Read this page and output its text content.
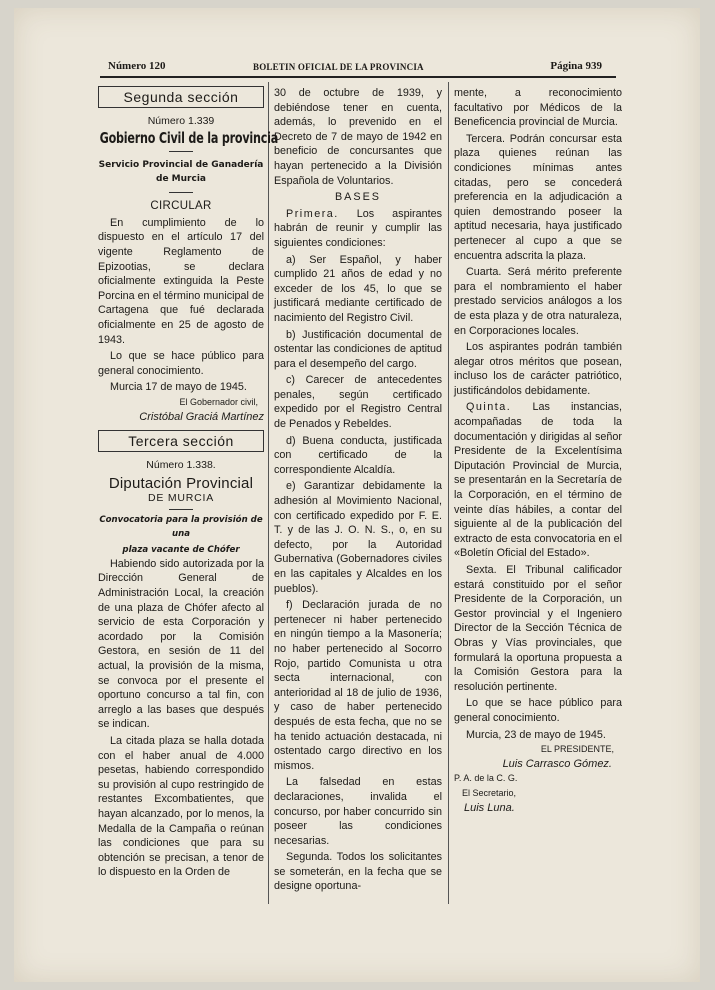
Número 120	BOLETIN OFICIAL DE LA PROVINCIA	Página 939
Segunda sección
Número 1.339
Gobierno Civil de la provincia
Servicio Provincial de Ganadería
de Murcia
CIRCULAR

En cumplimiento de lo dispuesto en el artículo 17 del vigente Reglamento de Epizootias, se declara oficialmente extinguida la Peste Porcina en el término municipal de Cartagena que fué declarada oficialmente en 25 de agosto de 1943.

Lo que se hace público para general conocimiento.

Murcia 17 de mayo de 1945.

El Gobernador civil,
Cristóbal Graciá Martínez
Tercera sección
Número 1.338.
Diputación Provincial
DE MURCIA
Convocatoria para la provisión de una
plaza vacante de Chófer

Habiendo sido autorizada por la Dirección General de Administración Local, la creación de una plaza de Chófer afecto al servicio de esta Corporación y acordado por la Comisión Gestora, en sesión de 11 del actual, la provisión de la misma, se convoca por el presente el oportuno concurso a tal fin, con arreglo a las bases que después se indican.

La citada plaza se halla dotada con el haber anual de 4.000 pesetas, habiendo correspondido su provisión al cupo restringido de restantes Excombatientes, que hayan alcanzado, por lo menos, la Medalla de la Campaña o reúnan las condiciones que para su obtención se precisan, a tenor de lo dispuesto en la Orden de

30 de octubre de 1939, y debiéndose tener en cuenta, además, lo prevenido en el Decreto de 7 de mayo de 1942 en beneficio de concursantes que hayan pertenecido a la División Española de Voluntarios.

BASES

Primera. Los aspirantes habrán de reunir y cumplir las siguientes condiciones:

a) Ser Español, y haber cumplido 21 años de edad y no exceder de los 45, lo que se justificará mediante certificado de nacimiento del Registro Civil.

b) Justificación documental de ostentar las condiciones de aptitud para el desempeño del cargo.

c) Carecer de antecedentes penales, según certificado expedido por el Registro Central de Penados y Rebeldes.

d) Buena conducta, justificada con certificado de la correspondiente Alcaldía.

e) Garantizar debidamente la adhesión al Movimiento Nacional, con certificado expedido por F. E. T. y de las J. O. N. S., o, en su defecto, por la Autoridad Gubernativa (Gobernadores civiles en las capitales y Alcaldes en los pueblos).

f) Declaración jurada de no pertenecer ni haber pertenecido en ningún tiempo a la Masonería; no haber pertenecido al Socorro Rojo, partido Comunista u otra secta internacional, con anterioridad al 18 de julio de 1936, y caso de haber pertenecido después de esta fecha, que no se ha tenido actuación destacada, ni ostentado cargo directivo en los mismos.

La falsedad en estas declaraciones, invalida el concurso, por haber concurrido sin poseer las condiciones necesarias.

Segunda. Todos los solicitantes se someterán, en la fecha que se designe oportuna-

mente, a reconocimiento facultativo por Médicos de la Beneficencia provincial de Murcia.

Tercera. Podrán concursar esta plaza quienes reúnan las condiciones mínimas antes citadas, pero se concederá preferencia en la adjudicación a quien demostrando poseer la aptitud necesaria, haya justificado pertenecer al cupo a que se encuentra adscrita la plaza.

Cuarta. Será mérito preferente para el nombramiento el haber prestado servicios análogos a los de esta plaza y de otra naturaleza, en Corporaciones locales.

Los aspirantes podrán también alegar otros méritos que posean, incluso los de carácter patriótico, justificándolos debidamente.

Quinta. Las instancias, acompañadas de toda la documentación y dirigidas al señor Presidente de la Excelentísima Diputación Provincial de Murcia, se presentarán en la Secretaría de la Corporación, en el término de veinte días hábiles, a contar del siguiente al de la publicación del extracto de esta convocatoria en el «Boletín Oficial del Estado».

Sexta. El Tribunal calificador estará constituido por el señor Presidente de la Corporación, un Gestor provincial y el Ingeniero Director de la Sección Técnica de Obras y Vías provinciales, que formulará la oportuna propuesta a la Comisión Gestora para la resolución pertinente.

Lo que se hace público para general conocimiento.

Murcia, 23 de mayo de 1945.

EL PRESIDENTE,
Luis Carrasco Gómez.
P. A. de la C. G.
El Secretario,
Luis Luna.
